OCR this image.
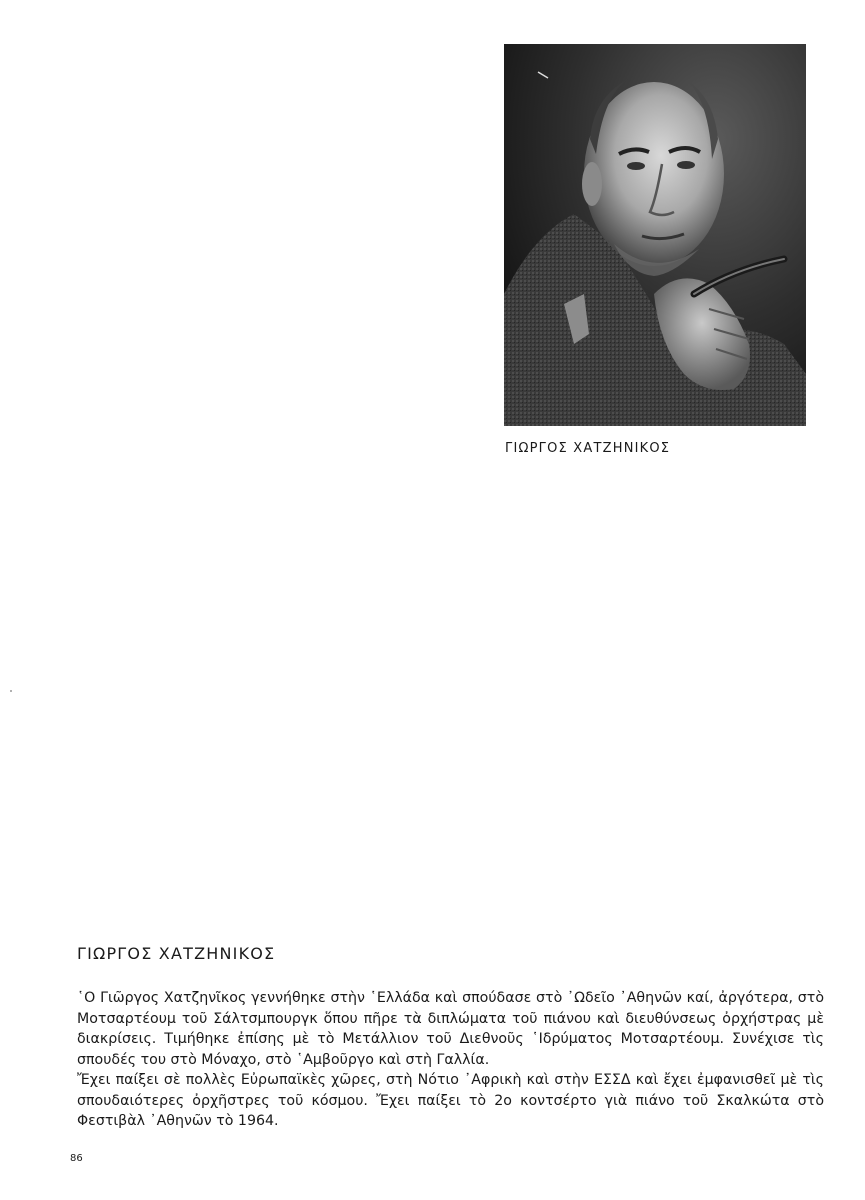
ΓΙΩΡΓΟΣ ΧΑΤΖΗΝΙΚΟΣ
ΓΙΩΡΓΟΣ ΧΑΤΖΗΝΙΚΟΣ

῾Ο Γιῶργος Χατζηνῖκος γεννήθηκε στὴν ῾Ελλάδα καὶ σπούδασε στὸ ᾿Ωδεῖο ᾿Αθηνῶν καί, ἀργότερα, στὸ Μοτσαρτέουμ τοῦ Σάλτσμπουργκ ὅπου πῆρε τὰ διπλώματα τοῦ πιάνου καὶ διευθύνσεως ὀρχήστρας μὲ διακρίσεις. Τιμήθηκε ἐπίσης μὲ τὸ Μετάλλιον τοῦ Διεθνοῦς ῾Ιδρύματος Μοτσαρτέουμ. Συνέχισε τὶς σπουδές του στὸ Μόναχο, στὸ ῾Αμβοῦργο καὶ στὴ Γαλλία.

Ἔχει παίξει σὲ πολλὲς Εὐρωπαϊκὲς χῶρες, στὴ Νότιο ᾿Αφρικὴ καὶ στὴν ΕΣΣΔ καὶ ἔχει ἐμφανισθεῖ μὲ τὶς σπουδαιότερες ὀρχῆστρες τοῦ κόσμου. Ἔχει παίξει τὸ 2ο κοντσέρτο γιὰ πιάνο τοῦ Σκαλκώτα στὸ Φεστιβὰλ ᾿Αθηνῶν τὸ 1964.

86
